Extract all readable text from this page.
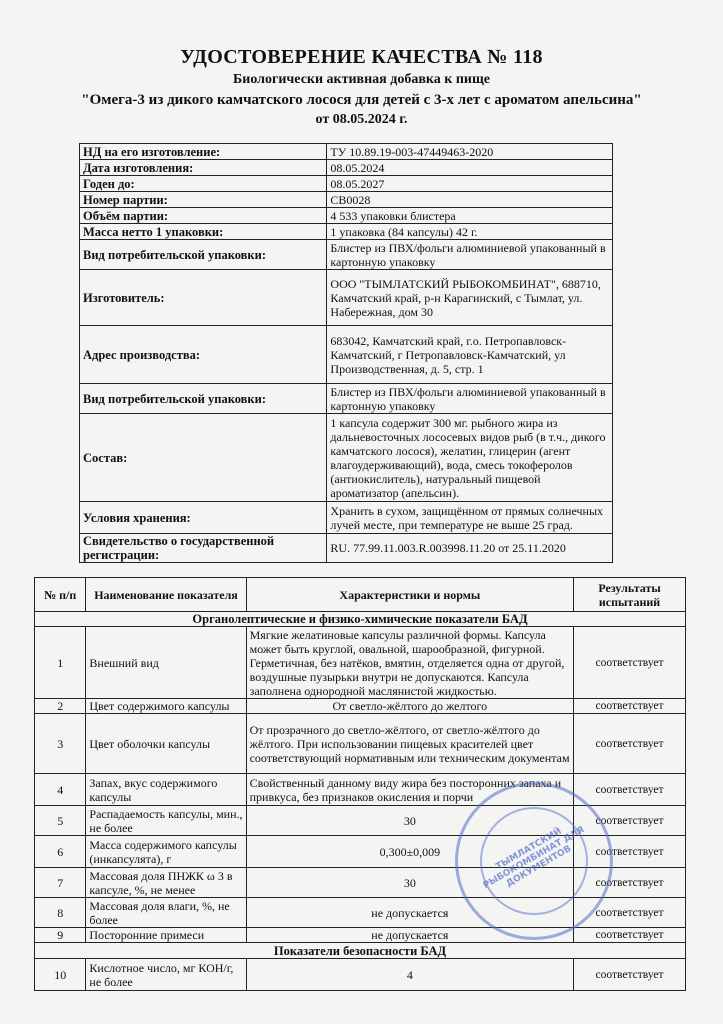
УДОСТОВЕРЕНИЕ КАЧЕСТВА № 118
Биологически активная добавка к пище
"Омега-3 из дикого камчатского лосося для детей с 3-х лет с ароматом апельсина"
от 08.05.2024 г.
НД на его изготовление:	ТУ 10.89.19-003-47449463-2020
Дата изготовления:	08.05.2024
Годен до:	08.05.2027
Номер партии:	СВ0028
Объём партии:	4 533 упаковки блистера
Масса нетто 1 упаковки:	1 упаковка (84 капсулы) 42 г.
Вид потребительской упаковки:	Блистер из ПВХ/фольги алюминиевой упакованный в картонную упаковку
Изготовитель:	ООО "ТЫМЛАТСКИЙ РЫБОКОМБИНАТ", 688710, Камчатский край, р-н Карагинский, с Тымлат, ул. Набережная, дом 30
Адрес производства:	683042, Камчатский край, г.о. Петропавловск-Камчатский, г Петропавловск-Камчатский, ул Производственная, д. 5, стр. 1
Вид потребительской упаковки:	Блистер из ПВХ/фольги алюминиевой упакованный в картонную упаковку
Состав:	1 капсула содержит 300 мг. рыбного жира из дальневосточных лососевых видов рыб (в т.ч., дикого камчатского лосося), желатин, глицерин (агент влагоудерживающий), вода, смесь токоферолов (антиокислитель), натуральный пищевой ароматизатор (апельсин).
Условия хранения:	Хранить в сухом, защищённом от прямых солнечных лучей месте, при температуре не выше 25 град.
Свидетельство о государственной регистрации:	RU. 77.99.11.003.R.003998.11.20 от 25.11.2020
№ п/п	Наименование показателя	Характеристики и нормы	Результаты испытаний
Органолептические и физико-химические показатели БАД			
1	Внешний вид	Мягкие желатиновые капсулы различной формы. Капсула может быть круглой, овальной, шарообразной, фигурной. Герметичная, без натёков, вмятин, отделяется одна от другой, воздушные пузырьки внутри не допускаются. Капсула заполнена однородной маслянистой жидкостью.	соответствует
2	Цвет содержимого капсулы	От светло-жёлтого до желтого	соответствует
3	Цвет оболочки капсулы	От прозрачного до светло-жёлтого, от светло-жёлтого до жёлтого. При использовании пищевых красителей цвет соответствующий нормативным или техническим документам	соответствует
4	Запах, вкус содержимого капсулы	Свойственный данному виду жира без посторонних запаха и привкуса, без признаков окисления и порчи	соответствует
5	Распадаемость капсулы, мин., не более	30	соответствует
6	Масса содержимого капсулы (инкапсулята), г	0,300±0,009	соответствует
7	Массовая доля ПНЖК ω 3 в капсуле, %, не менее	30	соответствует
8	Массовая доля влаги, %, не более	не допускается	соответствует
9	Посторонние примеси	не допускается	соответствует
Показатели безопасности БАД			
10	Кислотное число, мг КОН/г, не более	4	соответствует
ТЫМЛАТСКИЙ РЫБОКОМБИНАТ ДЛЯ ДОКУМЕНТОВ
